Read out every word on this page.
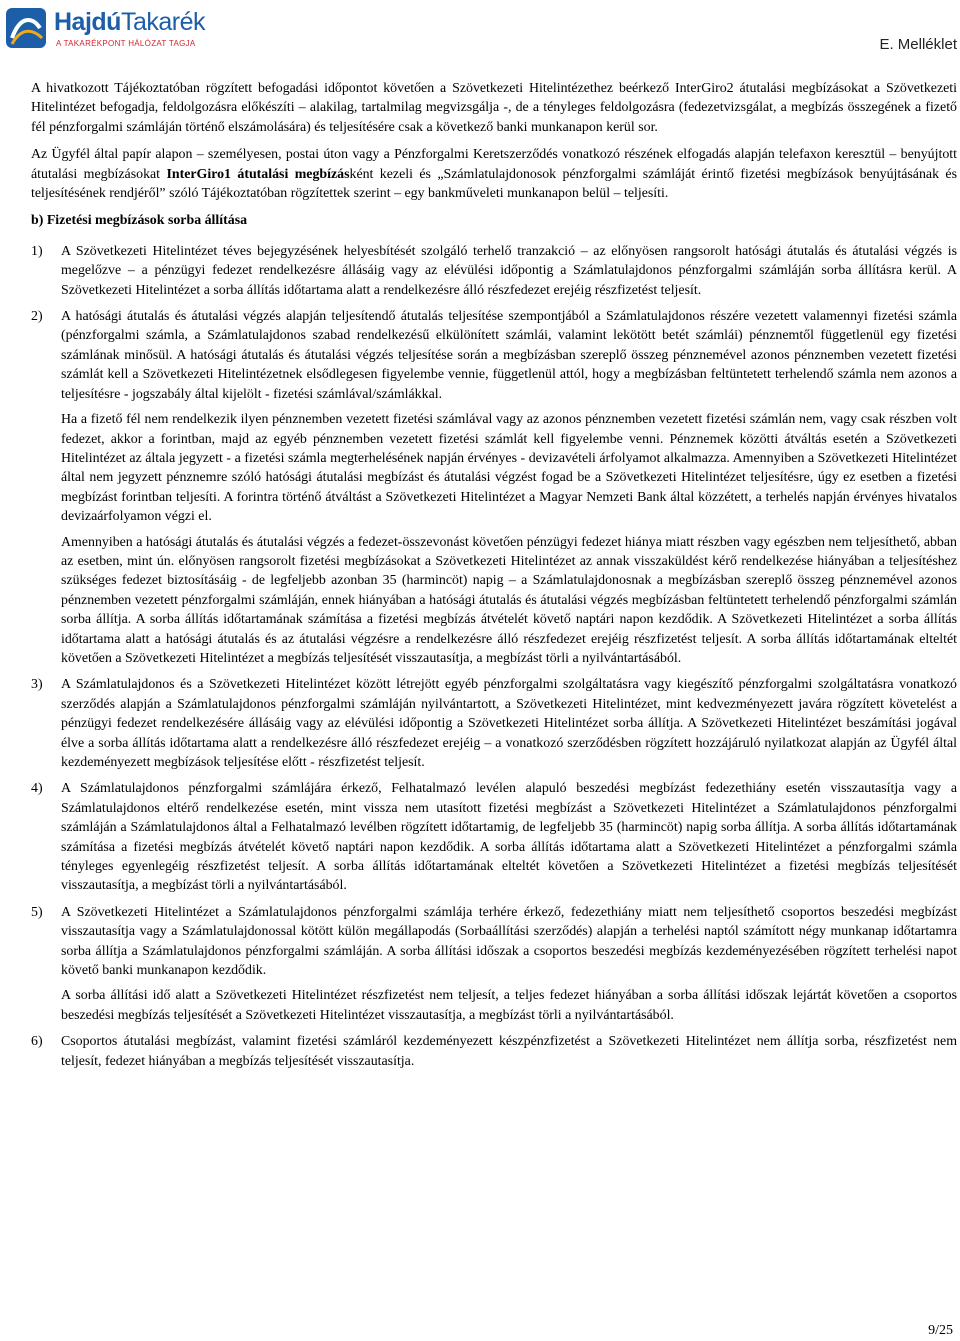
HajdúTakarék
A TAKARÉKPONT HÁLÓZAT TAGJA	E. Melléklet

A hivatkozott Tájékoztatóban rögzített befogadási időpontot követően a Szövetkezeti Hitelintézethez beérkező InterGiro2 átutalási megbízásokat a Szövetkezeti Hitelintézet befogadja, feldolgozásra előkészíti – alakilag, tartalmilag megvizsgálja -, de a tényleges feldolgozásra (fedezetvizsgálat, a megbízás összegének a fizető fél pénzforgalmi számláján történő elszámolására) és teljesítésére csak a következő banki munkanapon kerül sor.

Az Ügyfél által papír alapon – személyesen, postai úton vagy a Pénzforgalmi Keretszerződés vonatkozó részének elfogadás alapján telefaxon keresztül – benyújtott átutalási megbízásokat InterGiro1 átutalási megbízásként kezeli és „Számlatulajdonosok pénzforgalmi számláját érintő fizetési megbízások benyújtásának és teljesítésének rendjéről” szóló Tájékoztatóban rögzítettek szerint – egy bankműveleti munkanapon belül – teljesíti.

b) Fizetési megbízások sorba állítása
1) A Szövetkezeti Hitelintézet téves bejegyzésének helyesbítését szolgáló terhelő tranzakció – az előnyösen rangsorolt hatósági átutalás és átutalási végzés is megelőzve – a pénzügyi fedezet rendelkezésre állásáig vagy az elévülési időpontig a Számlatulajdonos pénzforgalmi számláján sorba állításra kerül. A Szövetkezeti Hitelintézet a sorba állítás időtartama alatt a rendelkezésre álló részfedezet erejéig részfizetést teljesít.

2) A hatósági átutalás és átutalási végzés alapján teljesítendő átutalás teljesítése szempontjából a Számlatulajdonos részére vezetett valamennyi fizetési számla (pénzforgalmi számla, a Számlatulajdonos szabad rendelkezésű elkülönített számlái, valamint lekötött betét számlái) pénznemtől függetlenül egy fizetési számlának minősül. A hatósági átutalás és átutalási végzés teljesítése során a megbízásban szereplő összeg pénznemével azonos pénznemben vezetett fizetési számlát kell a Szövetkezeti Hitelintézetnek elsődlegesen figyelembe vennie, függetlenül attól, hogy a megbízásban feltüntetett terhelendő számla nem azonos a teljesítésre - jogszabály által kijelölt - fizetési számlával/számlákkal.

Ha a fizető fél nem rendelkezik ilyen pénznemben vezetett fizetési számlával vagy az azonos pénznemben vezetett fizetési számlán nem, vagy csak részben volt fedezet, akkor a forintban, majd az egyéb pénznemben vezetett fizetési számlát kell figyelembe venni. Pénznemek közötti átváltás esetén a Szövetkezeti Hitelintézet az általa jegyzett - a fizetési számla megterhelésének napján érvényes - devizavételi árfolyamot alkalmazza. Amennyiben a Szövetkezeti Hitelintézet által nem jegyzett pénznemre szóló hatósági átutalási megbízást és átutalási végzést fogad be a Szövetkezeti Hitelintézet teljesítésre, úgy ez esetben a fizetési megbízást forintban teljesíti. A forintra történő átváltást a Szövetkezeti Hitelintézet a Magyar Nemzeti Bank által közzétett, a terhelés napján érvényes hivatalos devizaárfolyamon végzi el.

Amennyiben a hatósági átutalás és átutalási végzés a fedezet-összevonást követően pénzügyi fedezet hiánya miatt részben vagy egészben nem teljesíthető, abban az esetben, mint ún. előnyösen rangsorolt fizetési megbízásokat a Szövetkezeti Hitelintézet az annak visszaküldést kérő rendelkezése hiányában a teljesítéshez szükséges fedezet biztosításáig - de legfeljebb azonban 35 (harmincöt) napig – a Számlatulajdonosnak a megbízásban szereplő összeg pénznemével azonos pénznemben vezetett pénzforgalmi számláján, ennek hiányában a hatósági átutalás és átutalási végzés megbízásban feltüntetett terhelendő pénzforgalmi számlán sorba állítja. A sorba állítás időtartamának számítása a fizetési megbízás átvételét követő naptári napon kezdődik. A Szövetkezeti Hitelintézet a sorba állítás időtartama alatt a hatósági átutalás és az átutalási végzésre a rendelkezésre álló részfedezet erejéig részfizetést teljesít. A sorba állítás időtartamának elteltét követően a Szövetkezeti Hitelintézet a megbízás teljesítését visszautasítja, a megbízást törli a nyilvántartásából.

3) A Számlatulajdonos és a Szövetkezeti Hitelintézet között létrejött egyéb pénzforgalmi szolgáltatásra vagy kiegészítő pénzforgalmi szolgáltatásra vonatkozó szerződés alapján a Számlatulajdonos pénzforgalmi számláján nyilvántartott, a Szövetkezeti Hitelintézet, mint kedvezményezett javára rögzített követelést a pénzügyi fedezet rendelkezésére állásáig vagy az elévülési időpontig a Szövetkezeti Hitelintézet sorba állítja. A Szövetkezeti Hitelintézet beszámítási jogával élve a sorba állítás időtartama alatt a rendelkezésre álló részfedezet erejéig – a vonatkozó szerződésben rögzített hozzájáruló nyilatkozat alapján az Ügyfél által kezdeményezett megbízások teljesítése előtt - részfizetést teljesít.

4) A Számlatulajdonos pénzforgalmi számlájára érkező, Felhatalmazó levélen alapuló beszedési megbízást fedezethiány esetén visszautasítja vagy a Számlatulajdonos eltérő rendelkezése esetén, mint vissza nem utasított fizetési megbízást a Szövetkezeti Hitelintézet a Számlatulajdonos pénzforgalmi számláján a Számlatulajdonos által a Felhatalmazó levélben rögzített időtartamig, de legfeljebb 35 (harmincöt) napig sorba állítja. A sorba állítás időtartamának számítása a fizetési megbízás átvételét követő naptári napon kezdődik. A sorba állítás időtartama alatt a Szövetkezeti Hitelintézet a pénzforgalmi számla tényleges egyenlegéig részfizetést teljesít. A sorba állítás időtartamának elteltét követően a Szövetkezeti Hitelintézet a fizetési megbízás teljesítését visszautasítja, a megbízást törli a nyilvántartásából.

5) A Szövetkezeti Hitelintézet a Számlatulajdonos pénzforgalmi számlája terhére érkező, fedezethiány miatt nem teljesíthető csoportos beszedési megbízást visszautasítja vagy a Számlatulajdonossal kötött külön megállapodás (Sorbaállítási szerződés) alapján a terhelési naptól számított négy munkanap időtartamra sorba állítja a Számlatulajdonos pénzforgalmi számláján. A sorba állítási időszak a csoportos beszedési megbízás kezdeményezésében rögzített terhelési napot követő banki munkanapon kezdődik.

A sorba állítási idő alatt a Szövetkezeti Hitelintézet részfizetést nem teljesít, a teljes fedezet hiányában a sorba állítási időszak lejártát követően a csoportos beszedési megbízás teljesítését a Szövetkezeti Hitelintézet visszautasítja, a megbízást törli a nyilvántartásából.

6) Csoportos átutalási megbízást, valamint fizetési számláról kezdeményezett készpénzfizetést a Szövetkezeti Hitelintézet nem állítja sorba, részfizetést nem teljesít, fedezet hiányában a megbízás teljesítését visszautasítja.

9/25
